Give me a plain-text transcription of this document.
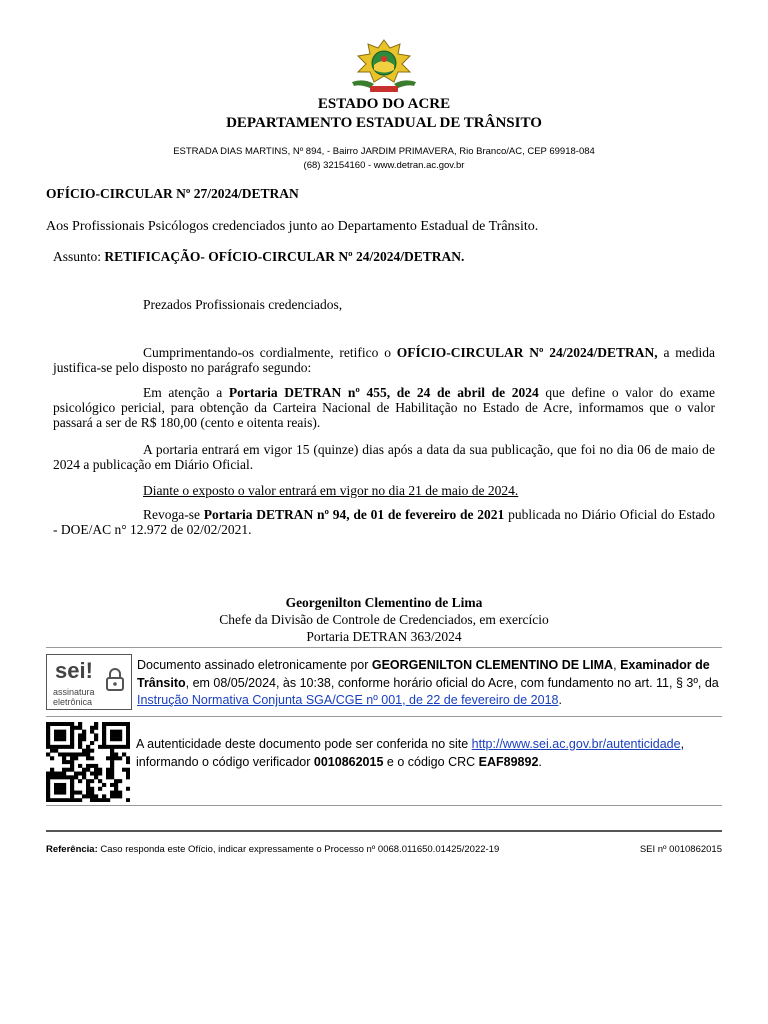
ESTADO DO ACRE
DEPARTAMENTO ESTADUAL DE TRÂNSITO
ESTRADA DIAS MARTINS, Nº 894, - Bairro JARDIM PRIMAVERA, Rio Branco/AC, CEP 69918-084
(68) 32154160 - www.detran.ac.gov.br
OFÍCIO-CIRCULAR Nº 27/2024/DETRAN
Aos Profissionais Psicólogos credenciados junto ao Departamento Estadual de Trânsito.
Assunto: RETIFICAÇÃO- OFÍCIO-CIRCULAR Nº 24/2024/DETRAN.
Prezados Profissionais credenciados,
Cumprimentando-os cordialmente, retifico o OFÍCIO-CIRCULAR Nº 24/2024/DETRAN, a medida justifica-se pelo disposto no parágrafo segundo:
Em atenção a Portaria DETRAN nº 455, de 24 de abril de 2024 que define o valor do exame psicológico pericial, para obtenção da Carteira Nacional de Habilitação no Estado de Acre, informamos que o valor passará a ser de R$ 180,00 (cento e oitenta reais).
A portaria entrará em vigor 15 (quinze) dias após a data da sua publicação, que foi no dia 06 de maio de 2024 a publicação em Diário Oficial.
Diante o exposto o valor entrará em vigor no dia 21 de maio de 2024.
Revoga-se Portaria DETRAN nº 94, de 01 de fevereiro de 2021 publicada no Diário Oficial do Estado - DOE/AC n° 12.972 de 02/02/2021.
Georgenilton Clementino de Lima
Chefe da Divisão de Controle de Credenciados, em exercício
Portaria DETRAN 363/2024
sei!
assinatura
eletrônica
Documento assinado eletronicamente por GEORGENILTON CLEMENTINO DE LIMA, Examinador de Trânsito, em 08/05/2024, às 10:38, conforme horário oficial do Acre, com fundamento no art. 11, § 3º, da Instrução Normativa Conjunta SGA/CGE nº 001, de 22 de fevereiro de 2018.
A autenticidade deste documento pode ser conferida no site http://www.sei.ac.gov.br/autenticidade, informando o código verificador 0010862015 e o código CRC EAF89892.
Referência: Caso responda este Ofício, indicar expressamente o Processo nº 0068.011650.01425/2022-19	SEI nº 0010862015
